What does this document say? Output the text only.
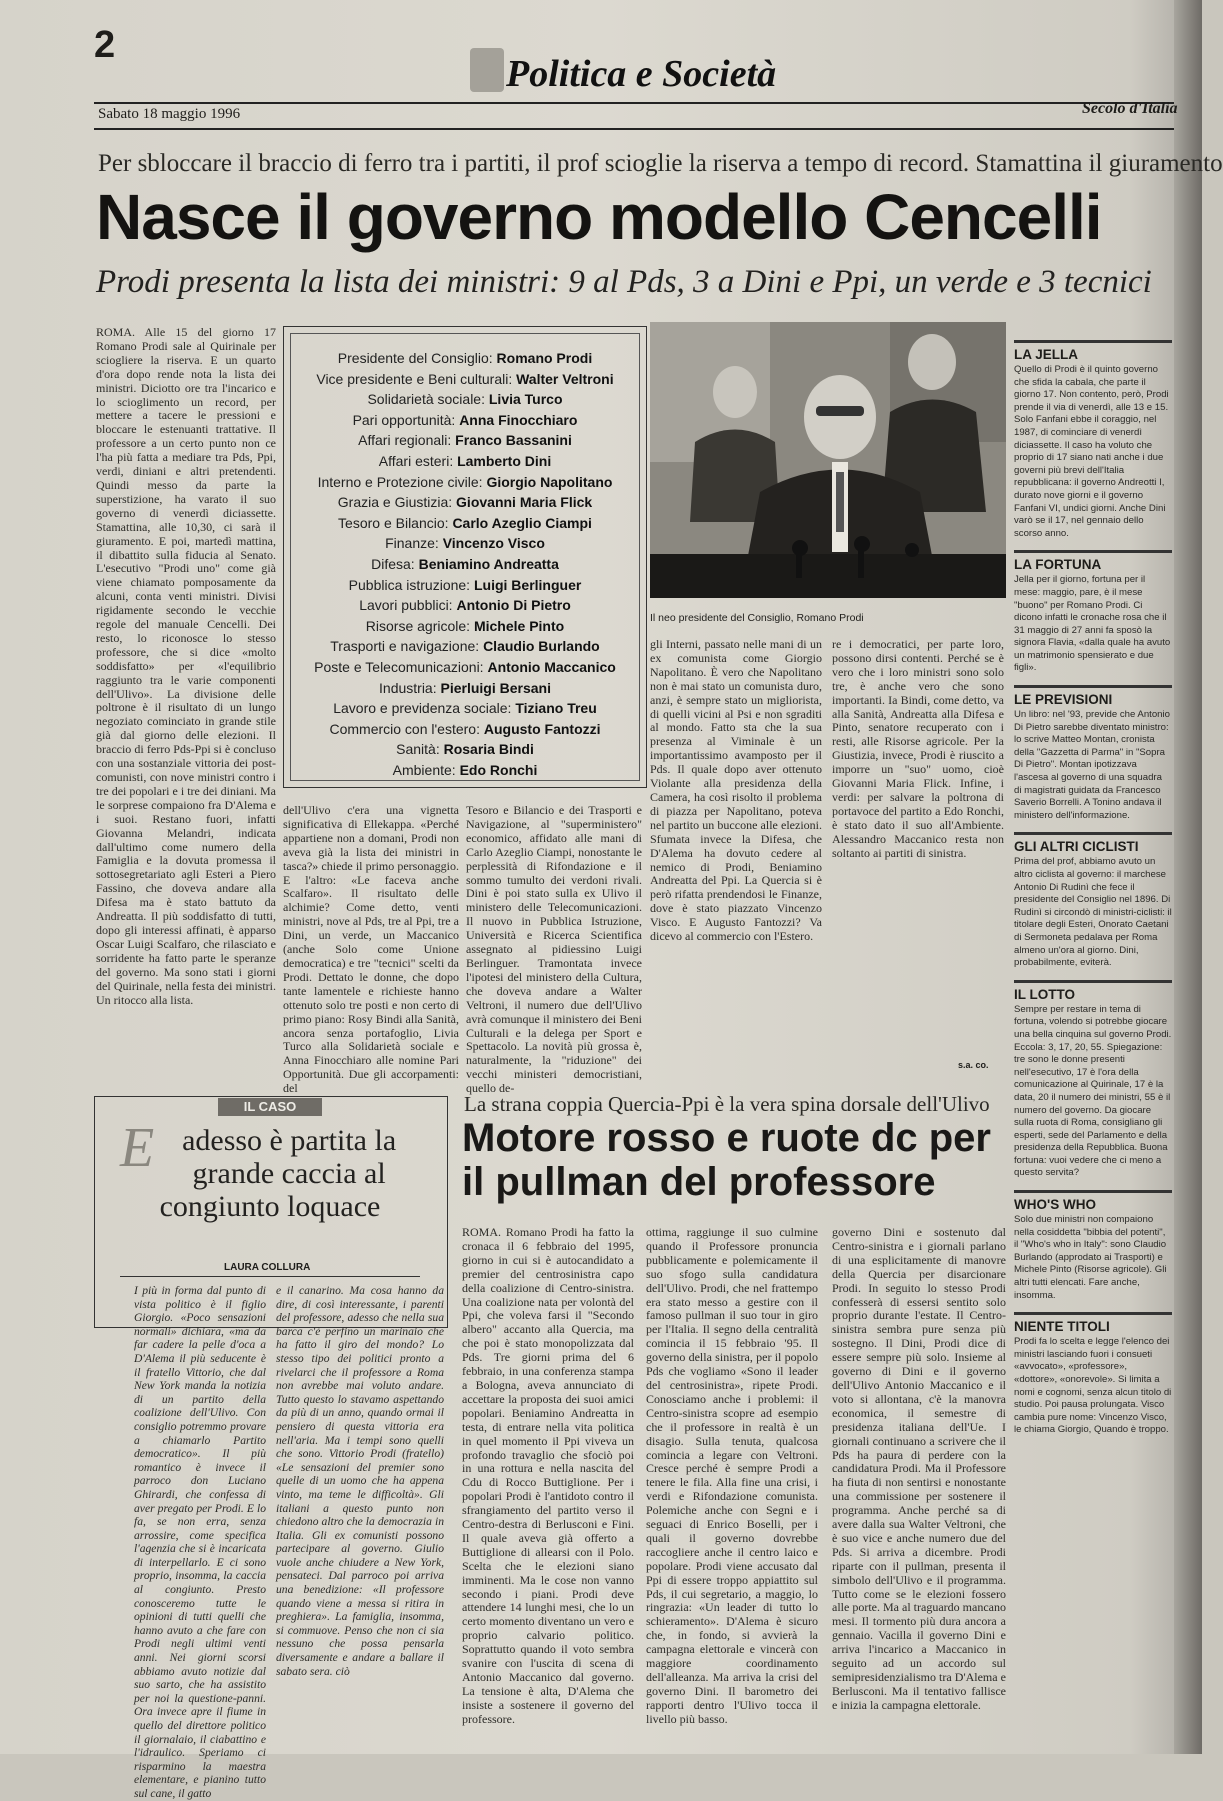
2
Politica e Società
Sabato 18 maggio 1996	Secolo d'Italia
Per sbloccare il braccio di ferro tra i partiti, il prof scioglie la riserva a tempo di record. Stamattina il giuramento
Nasce il governo modello Cencelli
Prodi presenta la lista dei ministri: 9 al Pds, 3 a Dini e Ppi, un verde e 3 tecnici
ROMA. Alle 15 del giorno 17 Romano Prodi sale al Quirinale per sciogliere la riserva. E un quarto d'ora dopo rende nota la lista dei ministri. Diciotto ore tra l'incarico e lo scioglimento un record, per mettere a tacere le pressioni e bloccare le estenuanti trattative. Il professore a un certo punto non ce l'ha più fatta a mediare tra Pds, Ppi, verdi, diniani e altri pretendenti. Quindi messo da parte la superstizione, ha varato il suo governo di venerdì diciassette. Stamattina, alle 10,30, ci sarà il giuramento. E poi, martedì mattina, il dibattito sulla fiducia al Senato. L'esecutivo "Prodi uno" come già viene chiamato pomposamente da alcuni, conta venti ministri. Divisi rigidamente secondo le vecchie regole del manuale Cencelli. Dei resto, lo riconosce lo stesso professore, che si dice «molto soddisfatto» per «l'equilibrio raggiunto tra le varie componenti dell'Ulivo». La divisione delle poltrone è il risultato di un lungo negoziato cominciato in grande stile già dal giorno delle elezioni. Il braccio di ferro Pds-Ppi si è concluso con una sostanziale vittoria dei post-comunisti, con nove ministri contro i tre dei popolari e i tre dei diniani. Ma le sorprese compaiono fra D'Alema e i suoi. Restano fuori, infatti Giovanna Melandri, indicata dall'ultimo come numero della Famiglia e la dovuta promessa il sottosegretariato agli Esteri a Piero Fassino, che doveva andare alla Difesa ma è stato battuto da Andreatta. Il più soddisfatto di tutti, dopo gli interessi affinati, è apparso Oscar Luigi Scalfaro, che rilasciato e sorridente ha fatto parte le speranze del governo. Ma sono stati i giorni del Quirinale, nella festa dei ministri. Un ritocco alla lista.
Presidente del Consiglio: Romano Prodi
Vice presidente e Beni culturali: Walter Veltroni
Solidarietà sociale: Livia Turco
Pari opportunità: Anna Finocchiaro
Affari regionali: Franco Bassanini
Affari esteri: Lamberto Dini
Interno e Protezione civile: Giorgio Napolitano
Grazia e Giustizia: Giovanni Maria Flick
Tesoro e Bilancio: Carlo Azeglio Ciampi
Finanze: Vincenzo Visco
Difesa: Beniamino Andreatta
Pubblica istruzione: Luigi Berlinguer
Lavori pubblici: Antonio Di Pietro
Risorse agricole: Michele Pinto
Trasporti e navigazione: Claudio Burlando
Poste e Telecomunicazioni: Antonio Maccanico
Industria: Pierluigi Bersani
Lavoro e previdenza sociale: Tiziano Treu
Commercio con l'estero: Augusto Fantozzi
Sanità: Rosaria Bindi
Ambiente: Edo Ronchi
Il neo presidente del Consiglio, Romano Prodi
dell'Ulivo c'era una vignetta significativa di Ellekappa. «Perché appartiene non a domani, Prodi non aveva già la lista dei ministri in tasca?» chiede il primo personaggio. E l'altro: «Le faceva anche Scalfaro». Il risultato delle alchimie? Come detto, venti ministri, nove al Pds, tre al Ppi, tre a Dini, un verde, un Maccanico (anche Solo come Unione democratica) e tre "tecnici" scelti da Prodi. Dettato le donne, che dopo tante lamentele e richieste hanno ottenuto solo tre posti e non certo di primo piano: Rosy Bindi alla Sanità, ancora senza portafoglio, Livia Turco alla Solidarietà sociale e Anna Finocchiaro alle nomine Pari Opportunità. Due gli accorpamenti: del
Tesoro e Bilancio e dei Trasporti e Navigazione, al "superministero" economico, affidato alle mani di Carlo Azeglio Ciampi, nonostante le perplessità di Rifondazione e il sommo tumulto dei verdoni rivali. Dini è poi stato sulla ex Ulivo il ministero delle Telecomunicazioni. Il nuovo in Pubblica Istruzione, Università e Ricerca Scientifica assegnato al pidiessino Luigi Berlinguer. Tramontata invece l'ipotesi del ministero della Cultura, che doveva andare a Walter Veltroni, il numero due dell'Ulivo avrà comunque il ministero dei Beni Culturali e la delega per Sport e Spettacolo. La novità più grossa è, naturalmente, la "riduzione" dei vecchi ministeri democristiani, quello de-
gli Interni, passato nelle mani di un ex comunista come Giorgio Napolitano. È vero che Napolitano non è mai stato un comunista duro, anzi, è sempre stato un migliorista, di quelli vicini al Psi e non sgraditi al mondo. Fatto sta che la sua presenza al Viminale è un importantissimo avamposto per il Pds. Il quale dopo aver ottenuto Violante alla presidenza della Camera, ha così risolto il problema di piazza per Napolitano, poteva nel partito un buccone alle elezioni. Sfumata invece la Difesa, che D'Alema ha dovuto cedere al nemico di Prodi, Beniamino Andreatta del Ppi. La Quercia si è però rifatta prendendosi le Finanze, dove è stato piazzato Vincenzo Visco. E Augusto Fantozzi? Va dicevo al commercio con l'Estero.
re i democratici, per parte loro, possono dirsi contenti. Perché se è vero che i loro ministri sono solo tre, è anche vero che sono importanti. Ia Bindi, come detto, va alla Sanità, Andreatta alla Difesa e Pinto, senatore recuperato con i resti, alle Risorse agricole. Per la Giustizia, invece, Prodi è riuscito a imporre un "suo" uomo, cioè Giovanni Maria Flick. Infine, i verdi: per salvare la poltrona di portavoce del partito a Edo Ronchi, è stato dato il suo all'Ambiente. Alessandro Maccanico resta non soltanto ai partiti di sinistra.
s.a. co.
IL CASO
E adesso è partita la grande caccia al congiunto loquace
LAURA COLLURA
I più in forma dal punto di vista politico è il figlio Giorgio. «Poco sensazioni normali» dichiara, «ma da far cadere la pelle d'oca a D'Alema il più seducente è il fratello Vittorio, che dal New York manda la notizia di un partito della coalizione dell'Ulivo. Con consiglio potremmo provare a chiamarlo Partito democratico». Il più romantico è invece il parroco don Luciano Ghirardi, che confessa di aver pregato per Prodi. E lo fa, se non erra, senza arrossire, come specifica l'agenzia che si è incaricata di interpellarlo. E ci sono proprio, insomma, la caccia al congiunto. Presto conosceremo tutte le opinioni di tutti quelli che hanno avuto a che fare con Prodi negli ultimi venti anni. Nei giorni scorsi abbiamo avuto notizie dal suo sarto, che ha assistito per noi la questione-panni. Ora invece apre il fiume in quello del direttore politico il giornalaio, il ciabattino e l'idraulico. Speriamo ci risparmino la maestra elementare, e pianino tutto sul cane, il gatto
e il canarino. Ma cosa hanno da dire, di così interessante, i parenti del professore, adesso che nella sua barca c'è perfino un marinaio che ha fatto il giro del mondo? Lo stesso tipo dei politici pronto a rivelarci che il professore a Roma non avrebbe mai voluto andare. Tutto questo lo stavamo aspettando da più di un anno, quando ormai il pensiero di questa vittoria era nell'aria. Ma i tempi sono quelli che sono. Vittorio Prodi (fratello) «Le sensazioni del premier sono quelle di un uomo che ha appena vinto, ma teme le difficoltà». Gli italiani a questo punto non chiedono altro che la democrazia in Italia. Gli ex comunisti possono partecipare al governo. Giulio vuole anche chiudere a New York, pensateci. Dal parroco poi arriva una benedizione: «Il professore quando viene a messa si ritira in preghiera». La famiglia, insomma, si commuove. Penso che non ci sia nessuno che possa pensarla diversamente e andare a ballare il sabato sera. ciò
La strana coppia Quercia-Ppi è la vera spina dorsale dell'Ulivo
Motore rosso e ruote dc per il pullman del professore
ROMA. Romano Prodi ha fatto la cronaca il 6 febbraio del 1995, giorno in cui si è autocandidato a premier del centrosinistra capo della coalizione di Centro-sinistra. Una coalizione nata per volontà del Ppi, che voleva farsi il "Secondo albero" accanto alla Quercia, ma che poi è stato monopolizzata dal Pds. Tre giorni prima del 6 febbraio, in una conferenza stampa a Bologna, aveva annunciato di accettare la proposta dei suoi amici popolari. Beniamino Andreatta in testa, di entrare nella vita politica in quel momento il Ppi viveva un profondo travaglio che sfociò poi in una rottura e nella nascita del Cdu di Rocco Buttiglione. Per i popolari Prodi è l'antidoto contro il sfrangiamento del partito verso il Centro-destra di Berlusconi e Fini. Il quale aveva già offerto a Buttiglione di allearsi con il Polo. Scelta che le elezioni siano imminenti. Ma le cose non vanno secondo i piani. Prodi deve attendere 14 lunghi mesi, che lo un certo momento diventano un vero e proprio calvario politico. Soprattutto quando il voto sembra svanire con l'uscita di scena di Antonio Maccanico dal governo. La tensione è alta, D'Alema che insiste a sostenere il governo del professore.
ottima, raggiunge il suo culmine quando il Professore pronuncia pubblicamente e polemicamente il suo sfogo sulla candidatura dell'Ulivo. Prodi, che nel frattempo era stato messo a gestire con il famoso pullman il suo tour in giro per l'Italia. Il segno della centralità comincia il 15 febbraio '95. Il governo della sinistra, per il popolo Pds che vogliamo «Sono il leader del centrosinistra», ripete Prodi. Conosciamo anche i problemi: il Centro-sinistra scopre ad esempio che il professore in realtà è un disagio. Sulla tenuta, qualcosa comincia a legare con Veltroni. Cresce perché è sempre Prodi a tenere le fila. Alla fine una crisi, i verdi e Rifondazione comunista. Polemiche anche con Segni e i seguaci di Enrico Boselli, per i quali il governo dovrebbe raccogliere anche il centro laico e popolare. Prodi viene accusato dal Ppi di essere troppo appiattito sul Pds, il cui segretario, a maggio, lo ringrazia: «Un leader di tutto lo schieramento». D'Alema è sicuro che, in fondo, si avvierà la campagna elettorale e vincerà con maggiore coordinamento dell'alleanza. Ma arriva la crisi del governo Dini. Il barometro dei rapporti dentro l'Ulivo tocca il livello più basso.
governo Dini e sostenuto dal Centro-sinistra e i giornali parlano di una esplicitamente di manovre della Quercia per disarcionare Prodi. In seguito lo stesso Prodi confesserà di essersi sentito solo proprio durante l'estate. Il Centro-sinistra sembra pure senza più sostegno. Il Dini, Prodi dice di essere sempre più solo. Insieme al governo di Dini e il governo dell'Ulivo Antonio Maccanico e il voto si allontana, c'è la manovra economica, il semestre di presidenza italiana dell'Ue. I giornali continuano a scrivere che il Pds ha paura di perdere con la candidatura Prodi. Ma il Professore ha fiuta di non sentirsi e nonostante una commissione per sostenere il programma. Anche perché sa di avere dalla sua Walter Veltroni, che è suo vice e anche numero due del Pds. Si arriva a dicembre. Prodi riparte con il pullman, presenta il simbolo dell'Ulivo e il programma. Tutto come se le elezioni fossero alle porte. Ma al traguardo mancano mesi. Il tormento più dura ancora a gennaio. Vacilla il governo Dini e arriva l'incarico a Maccanico in seguito ad un accordo sul semipresidenzialismo tra D'Alema e Berlusconi. Ma il tentativo fallisce e inizia la campagna elettorale.
LA JELLA
Quello di Prodi è il quinto governo che sfida la cabala, che parte il giorno 17. Non contento, però, Prodi prende il via di venerdì, alle 13 e 15. Solo Fanfani ebbe il coraggio, nel 1987, di cominciare di venerdì diciassette. Il caso ha voluto che proprio di 17 siano nati anche i due governi più brevi dell'Italia repubblicana: il governo Andreotti I, durato nove giorni e il governo Fanfani VI, undici giorni. Anche Dini varò se il 17, nel gennaio dello scorso anno.
LA FORTUNA
Jella per il giorno, fortuna per il mese: maggio, pare, è il mese "buono" per Romano Prodi. Ci dicono infatti le cronache rosa che il 31 maggio di 27 anni fa sposò la signora Flavia, «dalla quale ha avuto un matrimonio spensierato e due figli».
LE PREVISIONI
Un libro: nel '93, previde che Antonio Di Pietro sarebbe diventato ministro: lo scrive Matteo Montan, cronista della "Gazzetta di Parma" in "Sopra Di Pietro". Montan ipotizzava l'ascesa al governo di una squadra di magistrati guidata da Francesco Saverio Borrelli. A Tonino andava il ministero dell'informazione.
GLI ALTRI CICLISTI
Prima del prof, abbiamo avuto un altro ciclista al governo: il marchese Antonio Di Rudinì che fece il presidente del Consiglio nel 1896. Di Rudinì si circondò di ministri-ciclisti: il titolare degli Esteri, Onorato Caetani di Sermoneta pedalava per Roma almeno un'ora al giorno. Dini, probabilmente, eviterà.
IL LOTTO
Sempre per restare in tema di fortuna, volendo si potrebbe giocare una bella cinquina sul governo Prodi. Eccola: 3, 17, 20, 55. Spiegazione: tre sono le donne presenti nell'esecutivo, 17 è l'ora della comunicazione al Quirinale, 17 è la data, 20 il numero dei ministri, 55 è il numero del governo. Da giocare sulla ruota di Roma, consigliano gli esperti, sede del Parlamento e della presidenza della Repubblica. Buona fortuna: vuoi vedere che ci meno a questo servita?
WHO'S WHO
Solo due ministri non compaiono nella cosiddetta "bibbia del potenti", il "Who's who in Italy": sono Claudio Burlando (approdato ai Trasporti) e Michele Pinto (Risorse agricole). Gli altri tutti elencati. Fare anche, insomma.
NIENTE TITOLI
Prodi fa lo scelta e legge l'elenco dei ministri lasciando fuori i consueti «avvocato», «professore», «dottore», «onorevole». Si limita a nomi e cognomi, senza alcun titolo di studio. Poi pausa prolungata. Visco cambia pure nome: Vincenzo Visco, le chiama Giorgio, Quando è troppo.
